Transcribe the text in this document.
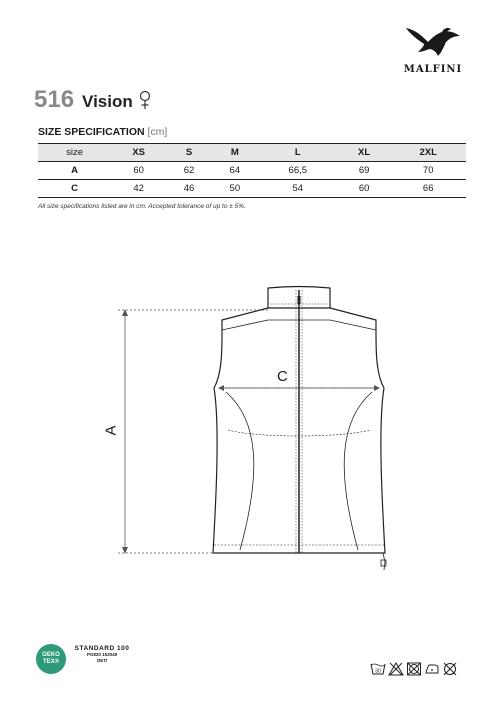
MALFINI
516 Vision
SIZE SPECIFICATION [cm]
size	XS	S	M	L	XL	2XL
A	60	62	64	66,5	69	70
C	42	46	50	54	60	66
All size specifications listed are in cm. Accepted tolerance of up to ± 5%.
A
C
OEKO TEX®
STANDARD 100
PG820 153049
OETI
30
